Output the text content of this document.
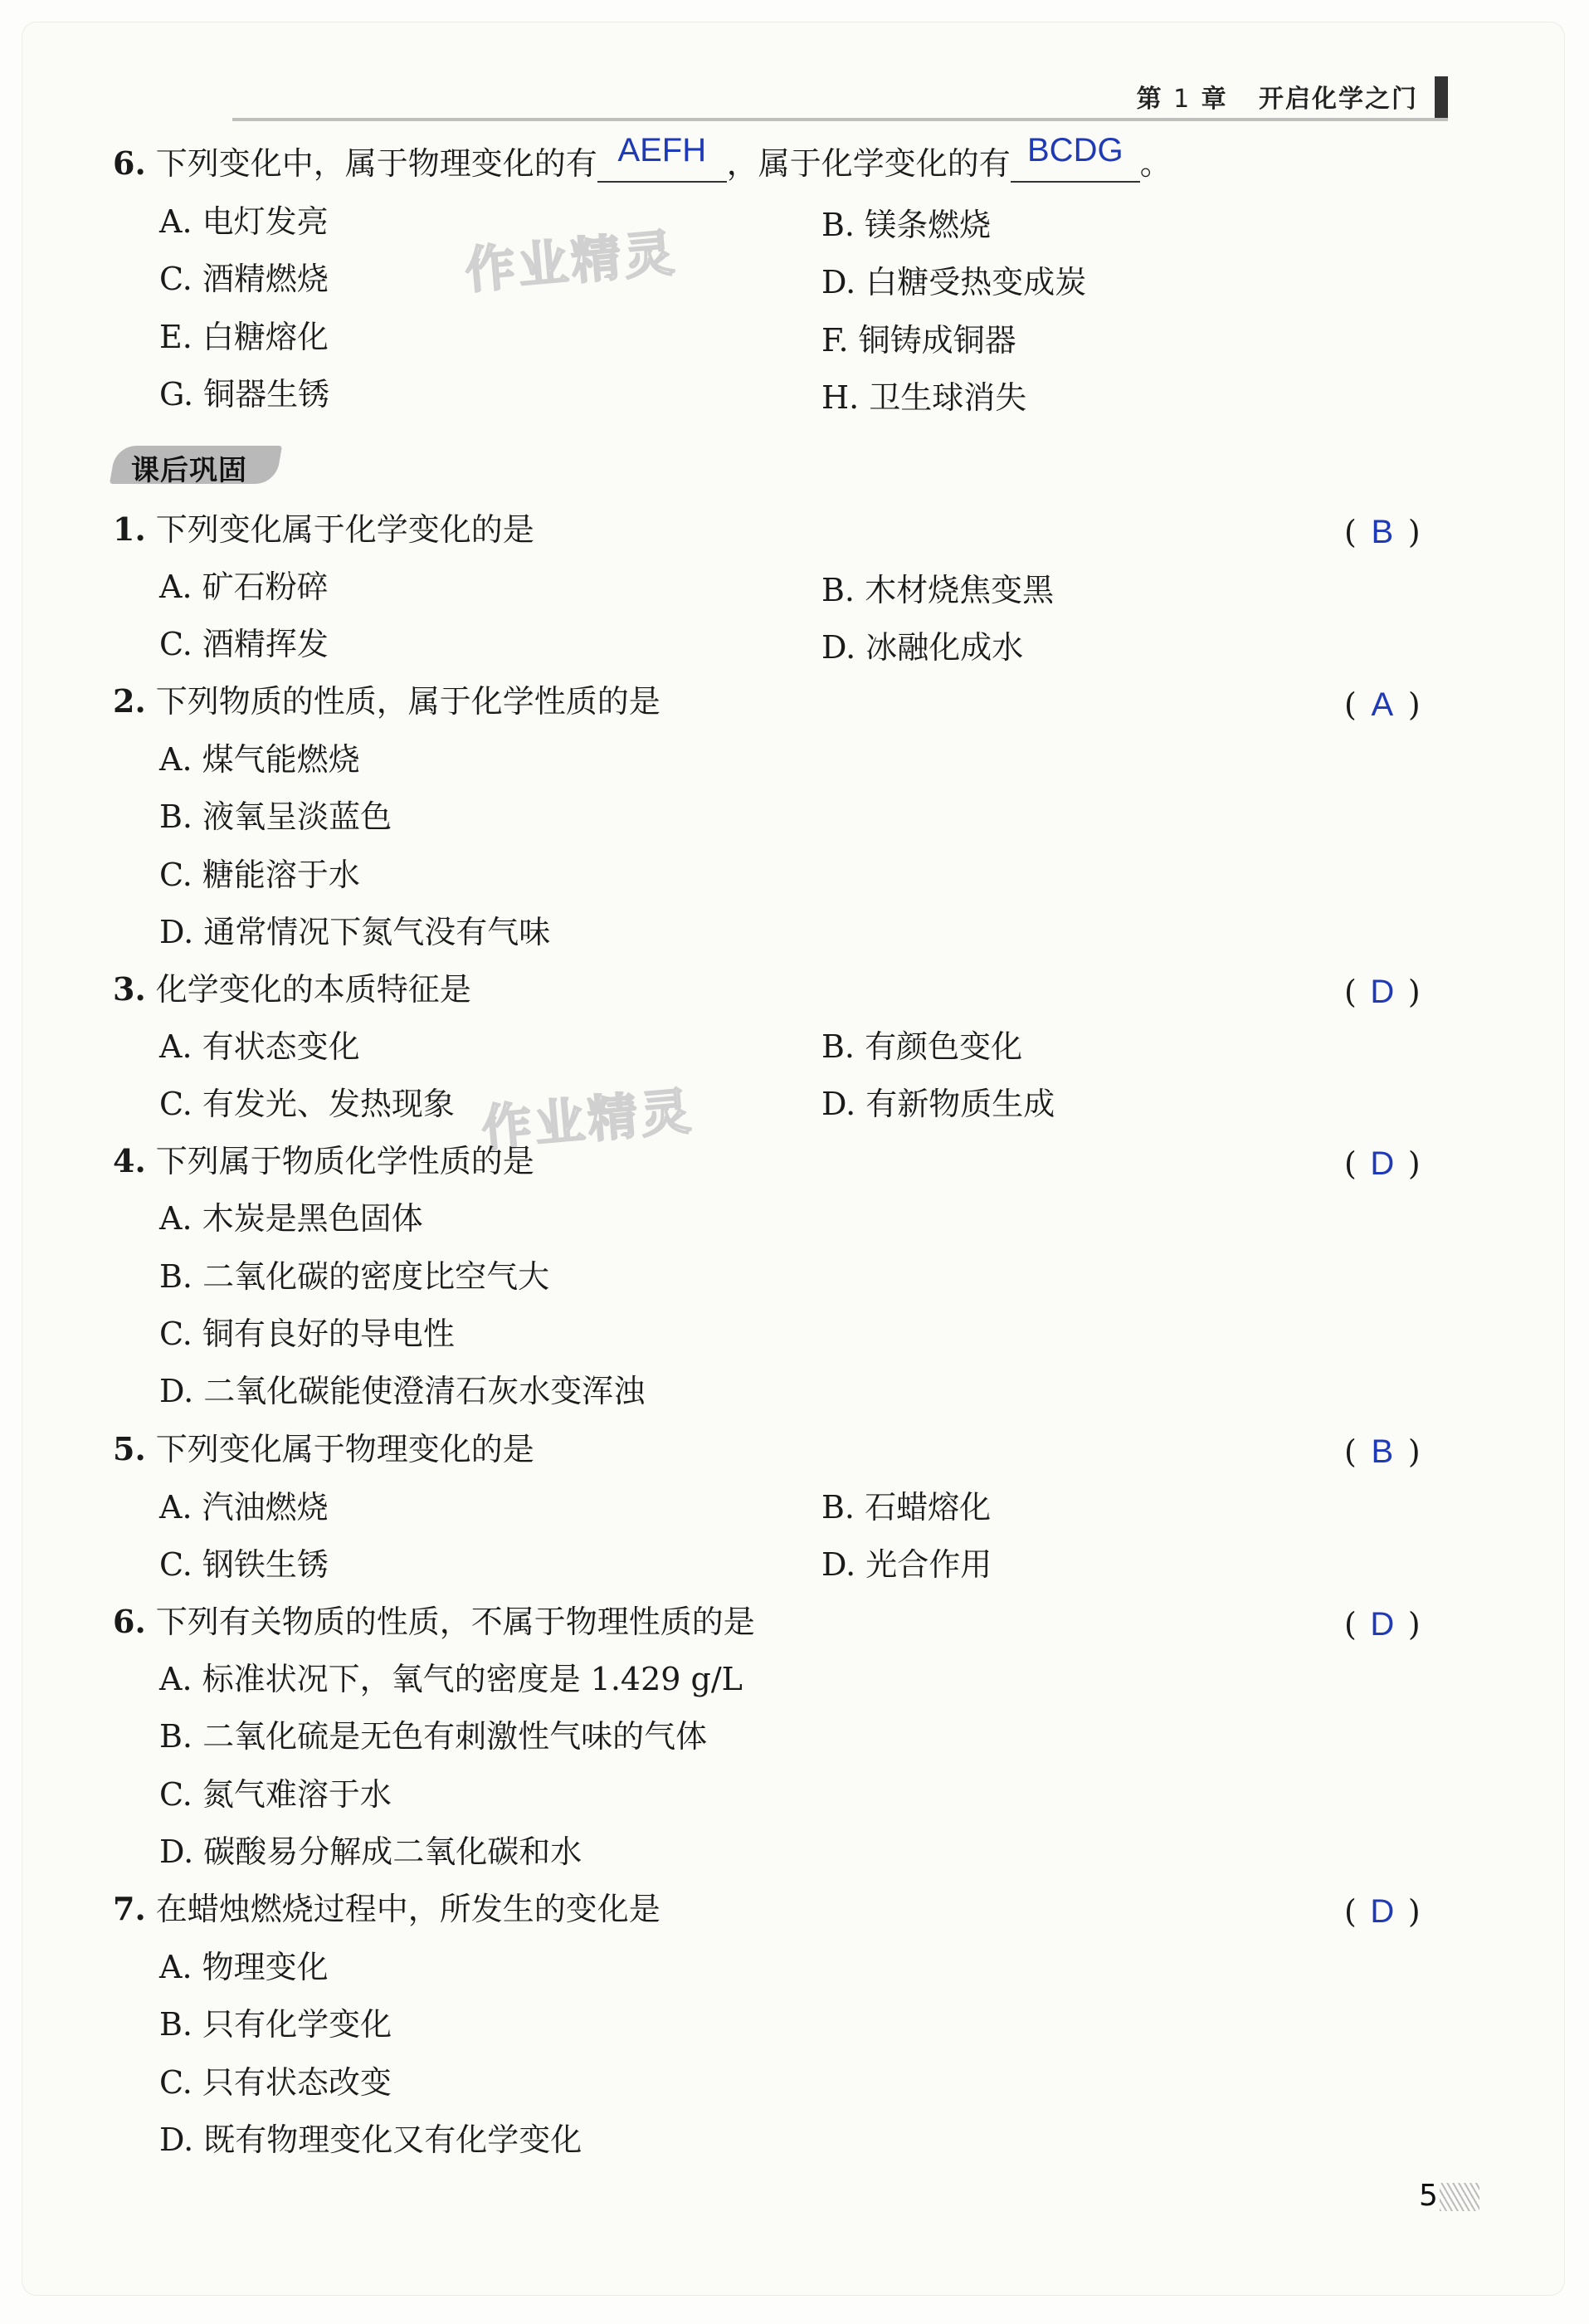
第 1 章 开启化学之门
6. 下列变化中，属于物理变化的有 AEFH ，属于化学变化的有 BCDG 。
A. 电灯发亮	B. 镁条燃烧
C. 酒精燃烧	D. 白糖受热变成炭
E. 白糖熔化	F. 铜铸成铜器
G. 铜器生锈	H. 卫生球消失
作业精灵
课后巩固
1. 下列变化属于化学变化的是	( B )
A. 矿石粉碎	B. 木材烧焦变黑
C. 酒精挥发	D. 冰融化成水
2. 下列物质的性质，属于化学性质的是	( A )
A. 煤气能燃烧
B. 液氧呈淡蓝色
C. 糖能溶于水
D. 通常情况下氮气没有气味
3. 化学变化的本质特征是	( D )
A. 有状态变化	B. 有颜色变化
C. 有发光、发热现象	D. 有新物质生成
作业精灵
4. 下列属于物质化学性质的是	( D )
A. 木炭是黑色固体
B. 二氧化碳的密度比空气大
C. 铜有良好的导电性
D. 二氧化碳能使澄清石灰水变浑浊
5. 下列变化属于物理变化的是	( B )
A. 汽油燃烧	B. 石蜡熔化
C. 钢铁生锈	D. 光合作用
6. 下列有关物质的性质，不属于物理性质的是	( D )
A. 标准状况下，氧气的密度是 1.429 g/L
B. 二氧化硫是无色有刺激性气味的气体
C. 氮气难溶于水
D. 碳酸易分解成二氧化碳和水
7. 在蜡烛燃烧过程中，所发生的变化是	( D )
A. 物理变化
B. 只有化学变化
C. 只有状态改变
D. 既有物理变化又有化学变化
5
